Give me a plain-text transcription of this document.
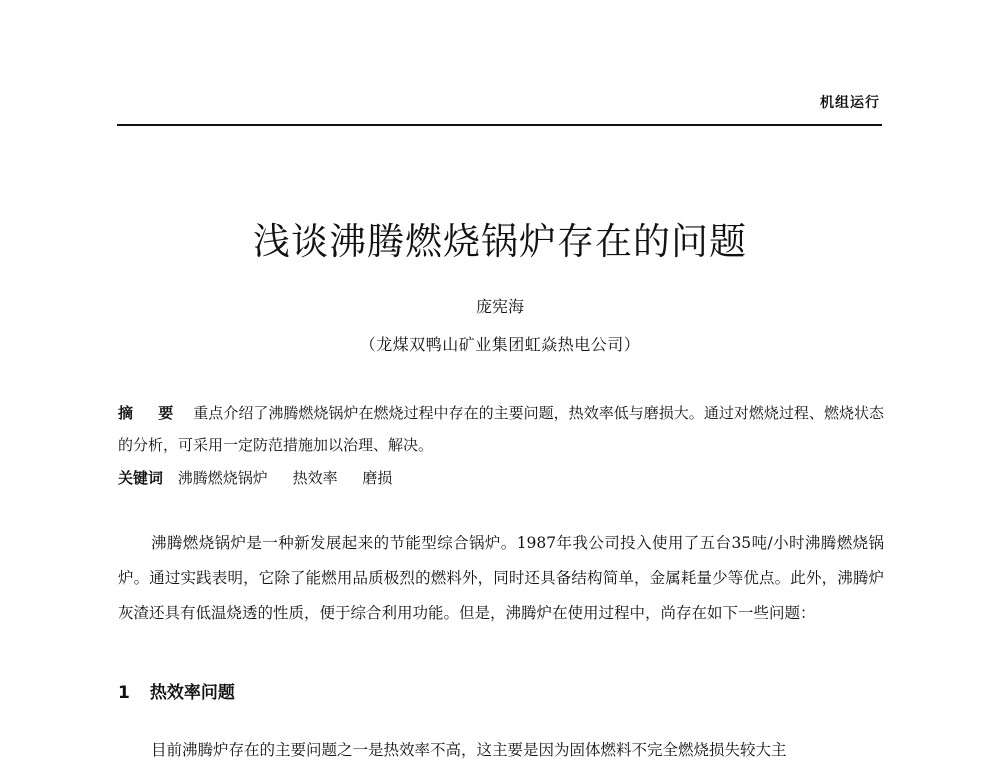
机组运行
浅谈沸腾燃烧锅炉存在的问题
庞宪海
（龙煤双鸭山矿业集团虹焱热电公司）
摘 要 重点介绍了沸腾燃烧锅炉在燃烧过程中存在的主要问题，热效率低与磨损大。通过对燃烧过程、燃烧状态的分析，可采用一定防范措施加以治理、解决。
关键词 沸腾燃烧锅炉 热效率 磨损

沸腾燃烧锅炉是一种新发展起来的节能型综合锅炉。1987年我公司投入使用了五台35吨/小时沸腾燃烧锅炉。通过实践表明，它除了能燃用品质极烈的燃料外，同时还具备结构简单，金属耗量少等优点。此外，沸腾炉灰渣还具有低温烧透的性质，便于综合利用功能。但是，沸腾炉在使用过程中，尚存在如下一些问题：

1 热效率问题

目前沸腾炉存在的主要问题之一是热效率不高，这主要是因为固体燃料不完全燃烧损失较大主
